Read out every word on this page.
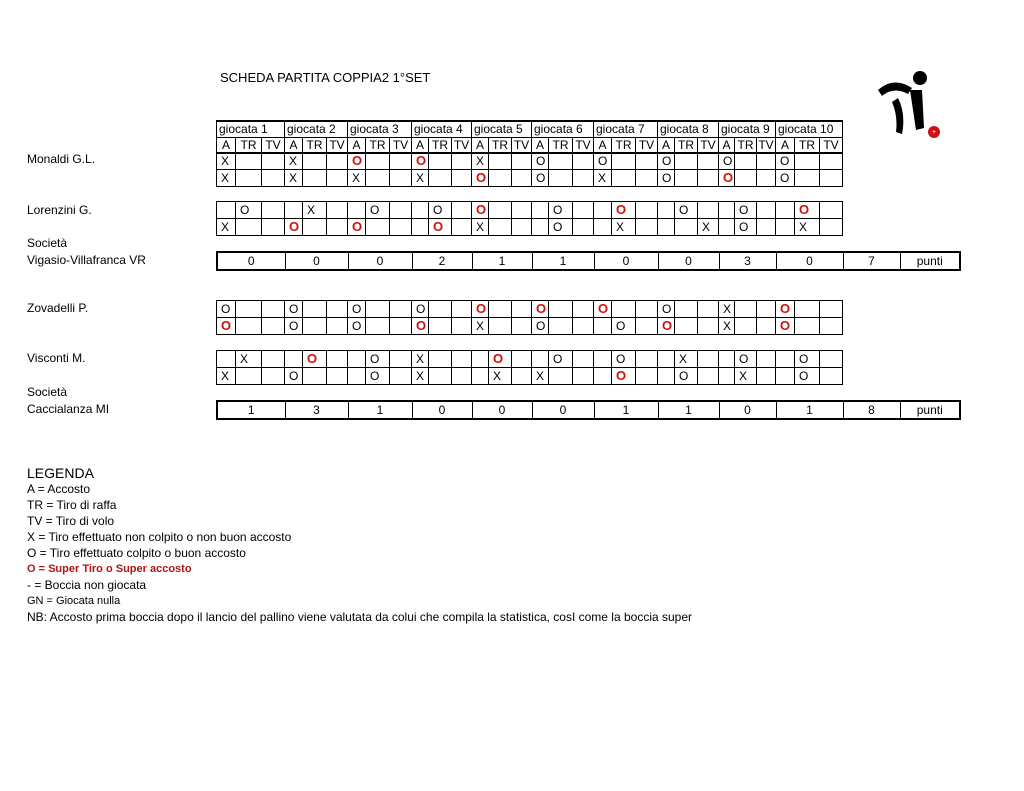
SCHEDA PARTITA COPPIA2 1°SET
+
giocata 1			giocata 2			giocata 3			giocata 4			giocata 5			giocata 6			giocata 7			giocata 8			giocata 9			giocata 10		
A	TR	TV	A	TR	TV	A	TR	TV	A	TR	TV	A	TR	TV	A	TR	TV	A	TR	TV	A	TR	TV	A	TR	TV	A	TR	TV
Monaldi G.L.	X			X			O			O			X			O			O			O			O			O		
X			X			X			X			O			O			X			O			O			O		
Lorenzini G.
		O			X			O			O		O				O			O			O			O			O	
X			O			O				O		X				O			X				X		O			X	
Società
Vigasio-Villafranca VR	0	0	0	2	1	1	0	0	3	0	7	punti
Zovadelli P.	O			O			O			O			O			O			O			O			X			O		
O			O			O			O			X			O				O		O			X			O		
Visconti M.
		X			O			O		X				O			O			O			X			O			O	
X			O				O		X				X		X				O			O			X			O	
Società
Caccialanza MI	1	3	1	0	0	0	1	1	0	1	8	punti
LEGENDA
A = Accosto
TR = Tiro di raffa
TV = Tiro di volo
X = Tiro effettuato non colpito o non buon accosto
O = Tiro effettuato colpito o buon accosto
O = Super Tiro o Super accosto
- = Boccia non giocata
GN = Giocata nulla
NB: Accosto prima boccia dopo il lancio del pallino viene valutata da colui che compila la statistica, cosI come la boccia super
